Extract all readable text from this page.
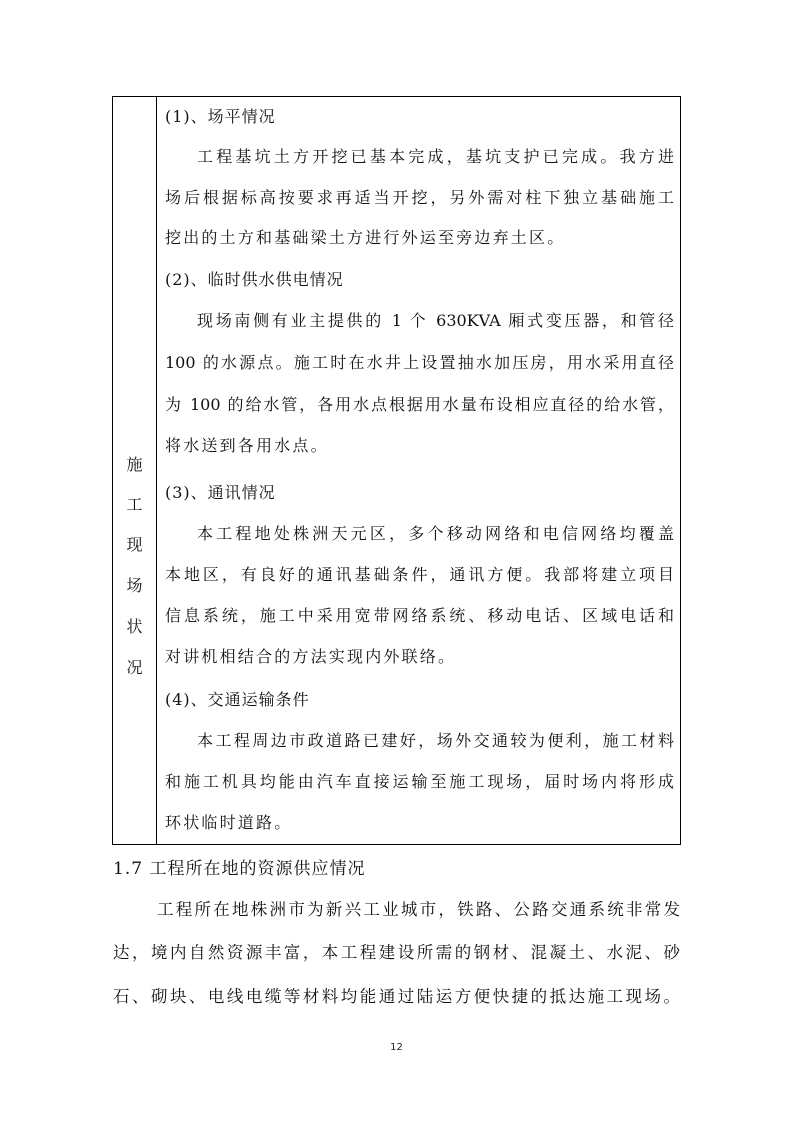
施
工
现
场
状
况
(1)、场平情况
工程基坑土方开挖已基本完成，基坑支护已完成。我方进
场后根据标高按要求再适当开挖，另外需对柱下独立基础施工
挖出的土方和基础梁土方进行外运至旁边弃土区。
(2)、临时供水供电情况
现场南侧有业主提供的 1 个 630KVA 厢式变压器，和管径
100 的水源点。施工时在水井上设置抽水加压房，用水采用直径
为 100 的给水管，各用水点根据用水量布设相应直径的给水管，
将水送到各用水点。
(3)、通讯情况
本工程地处株洲天元区，多个移动网络和电信网络均覆盖
本地区，有良好的通讯基础条件，通讯方便。我部将建立项目
信息系统，施工中采用宽带网络系统、移动电话、区域电话和
对讲机相结合的方法实现内外联络。
(4)、交通运输条件
本工程周边市政道路已建好，场外交通较为便利，施工材料
和施工机具均能由汽车直接运输至施工现场，届时场内将形成
环状临时道路。
1.7 工程所在地的资源供应情况
工程所在地株洲市为新兴工业城市，铁路、公路交通系统非常发
达，境内自然资源丰富，本工程建设所需的钢材、混凝土、水泥、砂
石、砌块、电线电缆等材料均能通过陆运方便快捷的抵达施工现场。
12
